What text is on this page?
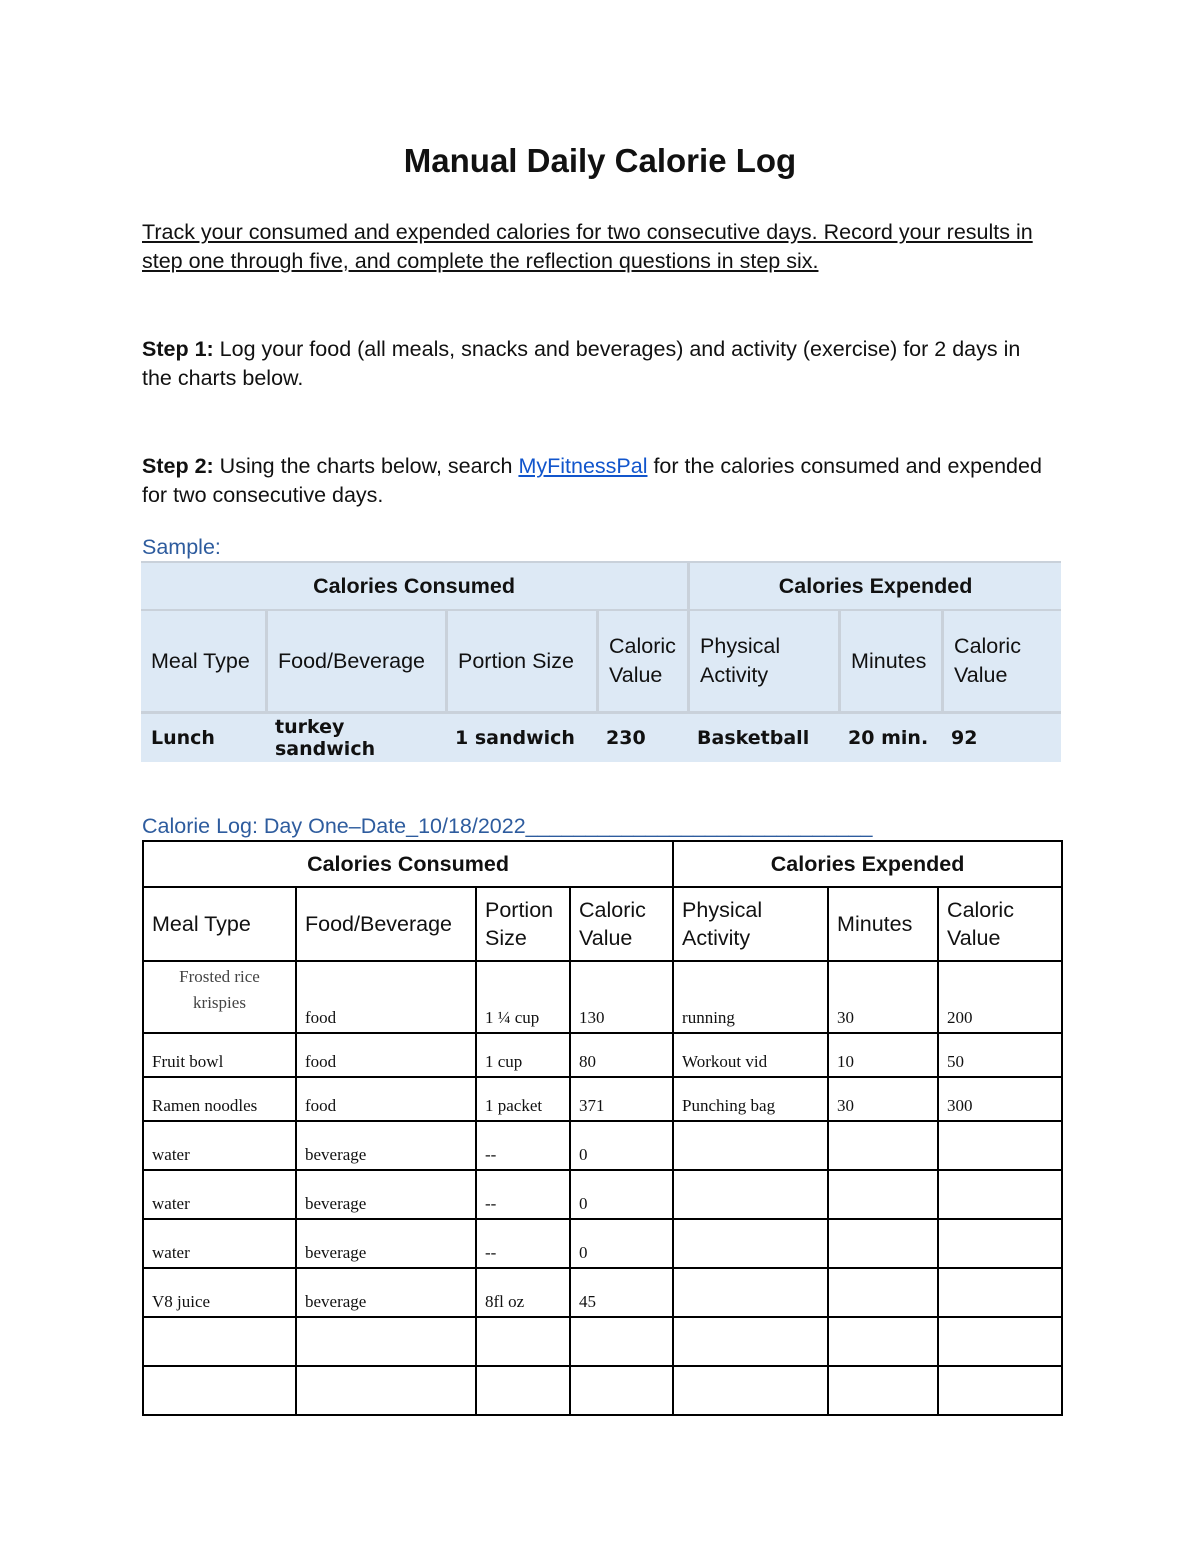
Manual Daily Calorie Log
Track your consumed and expended calories for two consecutive days. Record your results in step one through five, and complete the reflection questions in step six.
Step 1: Log your food (all meals, snacks and beverages) and activity (exercise) for 2 days in the charts below.
Step 2: Using the charts below, search MyFitnessPal for the calories consumed and expended for two consecutive days.
Sample:
Calories Consumed				Calories Expended		
Meal Type	Food/Beverage	Portion Size	Caloric Value	Physical Activity	Minutes	Caloric Value
Lunch	turkey sandwich	1 sandwich	230	Basketball	20 min.	92
Calorie Log: Day One–Date_10/18/2022_____________________________
Calories Consumed				Calories Expended		
Meal Type	Food/Beverage	Portion Size	Caloric Value	Physical Activity	Minutes	Caloric Value
Frosted rice krispies	food	1 ¼ cup	130	running	30	200
Fruit bowl	food	1 cup	80	Workout vid	10	50
Ramen noodles	food	1 packet	371	Punching bag	30	300
water	beverage	--	0			
water	beverage	--	0			
water	beverage	--	0			
V8 juice	beverage	8fl oz	45			
